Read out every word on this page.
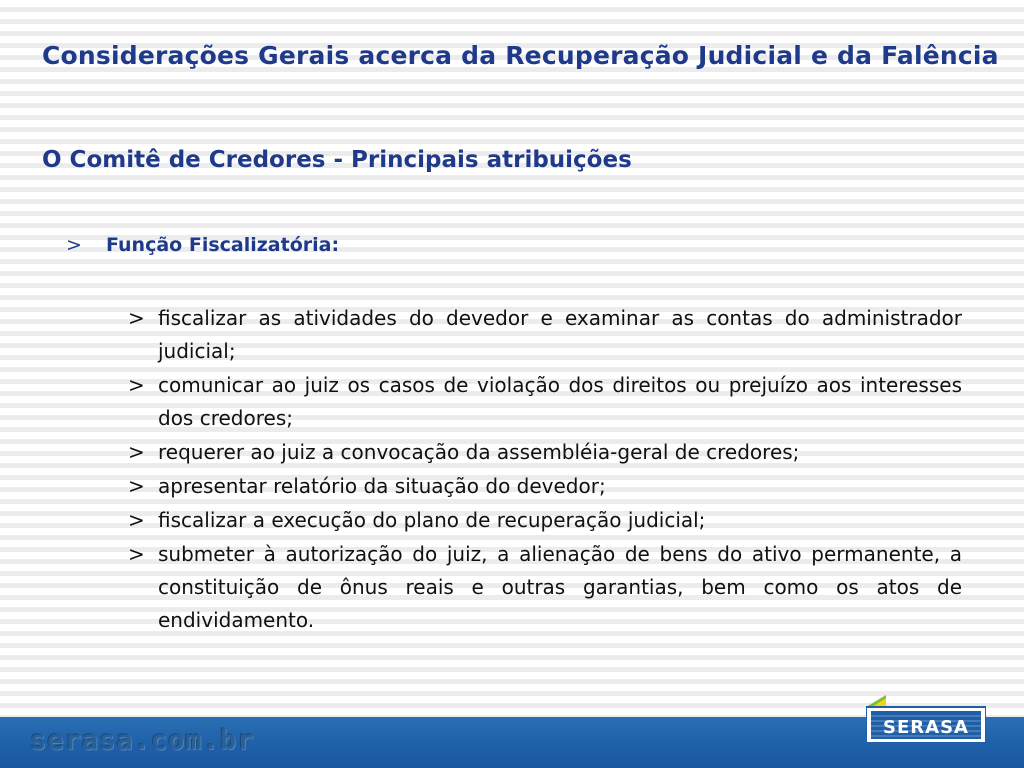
Considerações Gerais acerca da Recuperação Judicial e da Falência
O Comitê de Credores - Principais atribuições
> Função Fiscalizatória:
> fiscalizar as atividades do devedor e examinar as contas do administrador judicial;
> comunicar ao juiz os casos de violação dos direitos ou prejuízo aos interesses dos credores;
> requerer ao juiz a convocação da assembléia-geral de credores;
> apresentar relatório da situação do devedor;
> fiscalizar a execução do plano de recuperação judicial;
> submeter à autorização do juiz, a alienação de bens do ativo permanente, a constituição de ônus reais e outras garantias, bem como os atos de endividamento.
serasa.com.br	SERASA
